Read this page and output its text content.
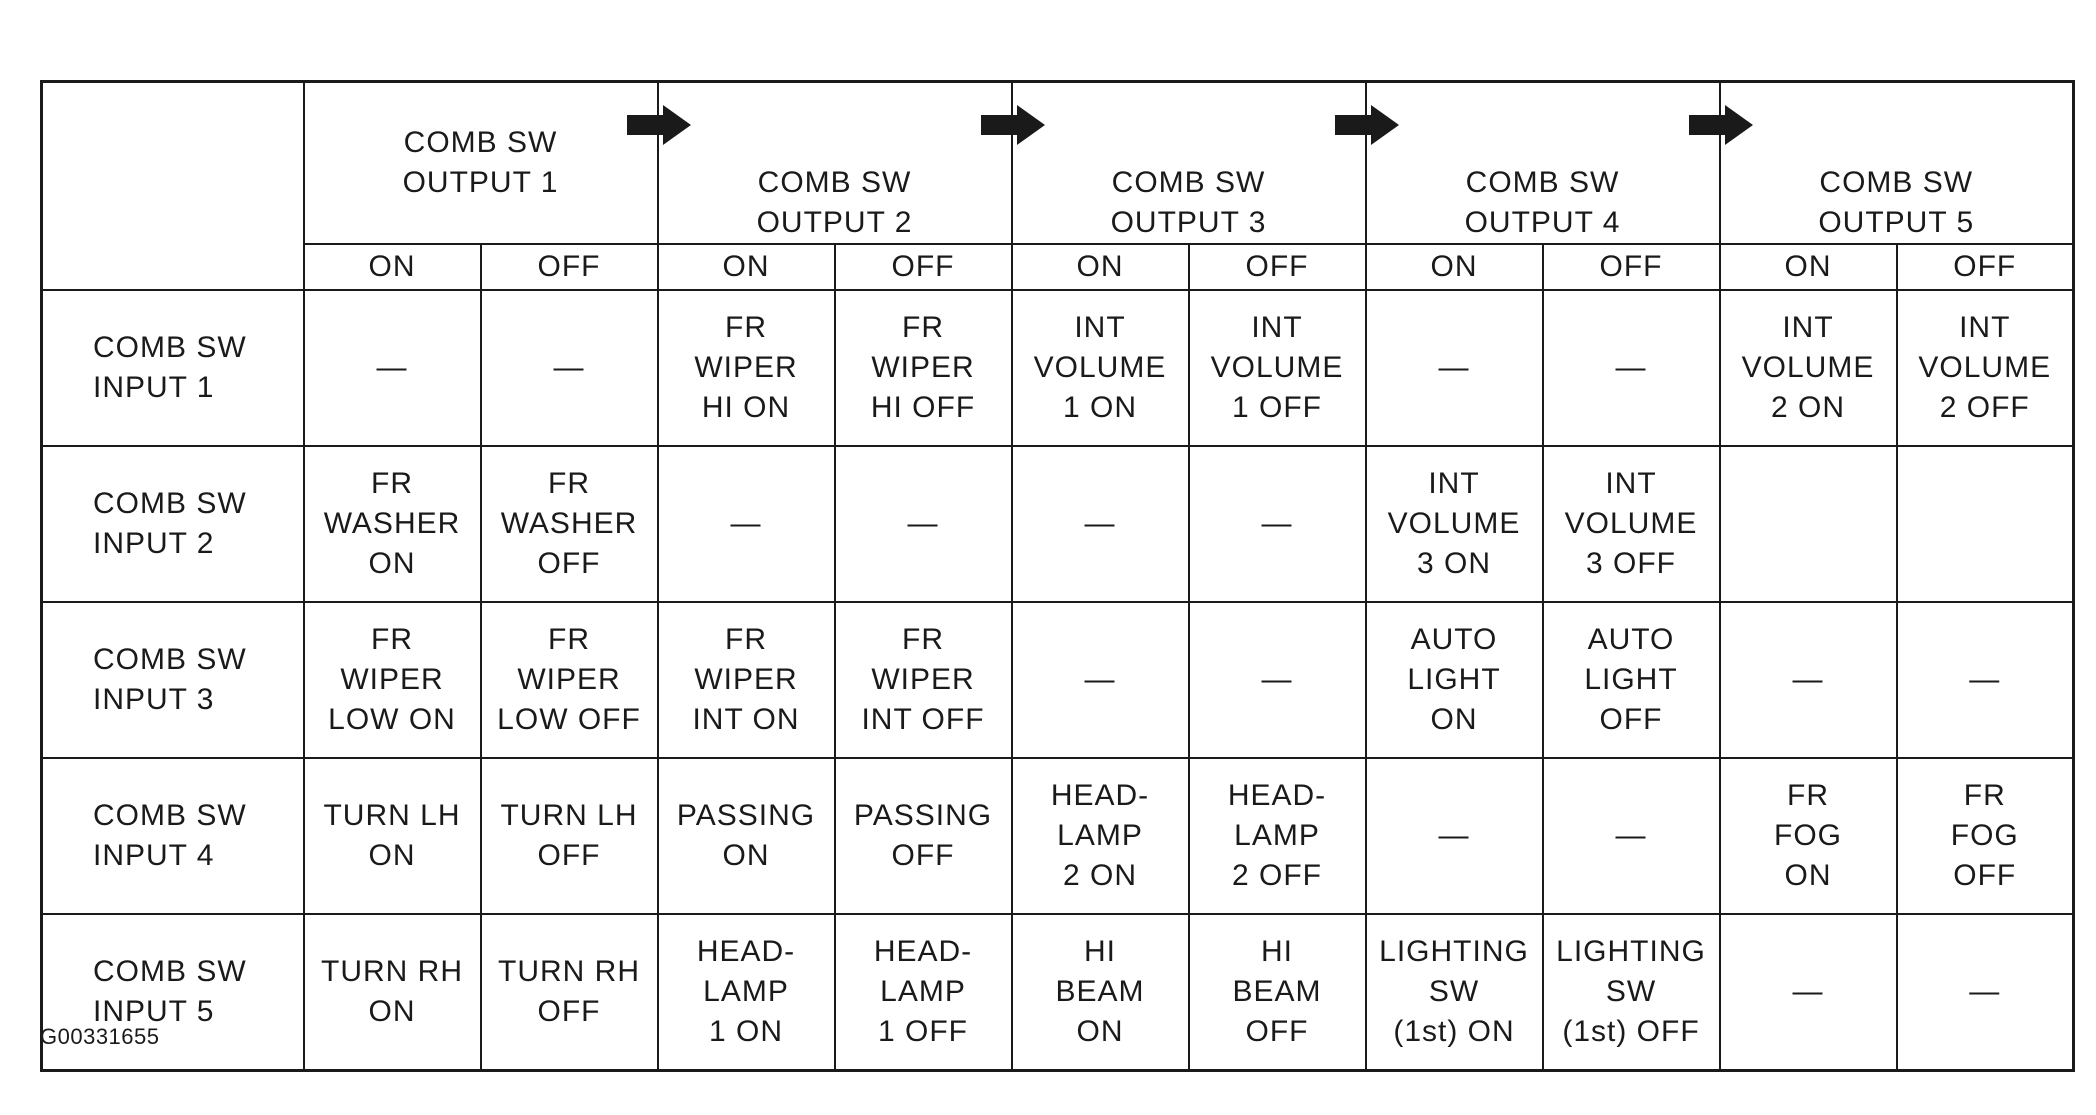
	COMB SW
OUTPUT 1		COMB SW
OUTPUT 2		COMB SW
OUTPUT 3		COMB SW
OUTPUT 4		COMB SW
OUTPUT 5	

	ON	OFF	ON	OFF	ON	OFF	ON	OFF	ON	OFF
COMB SW
INPUT 1	—	—	FR
WIPER
HI ON	FR
WIPER
HI OFF	INT
VOLUME
1 ON	INT
VOLUME
1 OFF	—	—	INT
VOLUME
2 ON	INT
VOLUME
2 OFF
COMB SW
INPUT 2	FR
WASHER
ON	FR
WASHER
OFF	—	—	—	—	INT
VOLUME
3 ON	INT
VOLUME
3 OFF		
COMB SW
INPUT 3	FR
WIPER
LOW ON	FR
WIPER
LOW OFF	FR
WIPER
INT ON	FR
WIPER
INT OFF	—	—	AUTO
LIGHT
ON	AUTO
LIGHT
OFF	—	—
COMB SW
INPUT 4	TURN LH
ON	TURN LH
OFF	PASSING
ON	PASSING
OFF	HEAD-
LAMP
2 ON	HEAD-
LAMP
2 OFF	—	—	FR
FOG
ON	FR
FOG
OFF
COMB SW
INPUT 5	TURN RH
ON	TURN RH
OFF	HEAD-
LAMP
1 ON	HEAD-
LAMP
1 OFF	HI
BEAM
ON	HI
BEAM
OFF	LIGHTING
SW
(1st) ON	LIGHTING
SW
(1st) OFF	—	—
G00331655
